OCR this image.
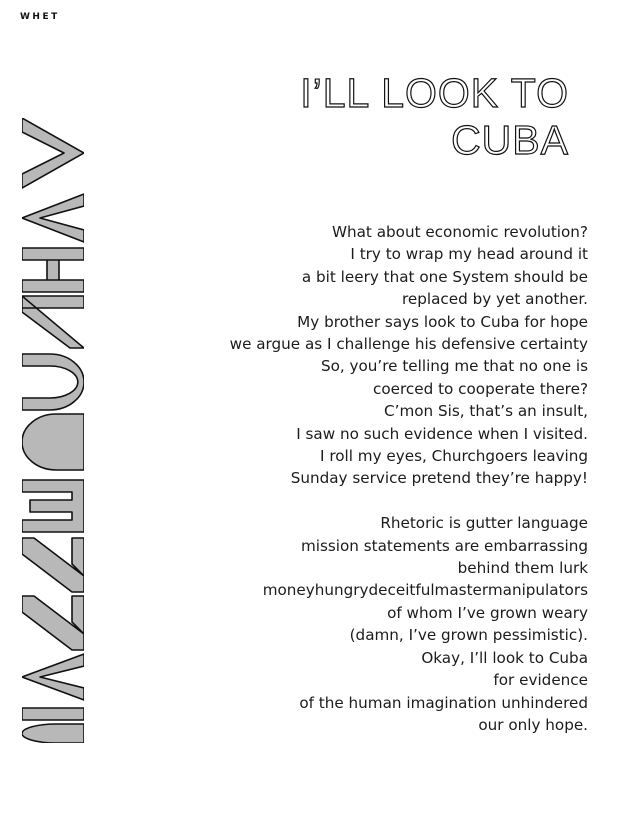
WHET
I’LL LOOK TO
CUBA
What about economic revolution?
I try to wrap my head around it
a bit leery that one System should be
replaced by yet another.
My brother says look to Cuba for hope
we argue as I challenge his defensive certainty
So, you’re telling me that no one is
coerced to cooperate there?
C’mon Sis, that’s an insult,
I saw no such evidence when I visited.
I roll my eyes, Churchgoers leaving
Sunday service pretend they’re happy!
Rhetoric is gutter language
mission statements are embarrassing
behind them lurk
moneyhungrydeceitfulmastermanipulators
of whom I’ve grown weary
(damn, I’ve grown pessimistic).
Okay, I’ll look to Cuba
for evidence
of the human imagination unhindered
our only hope.
